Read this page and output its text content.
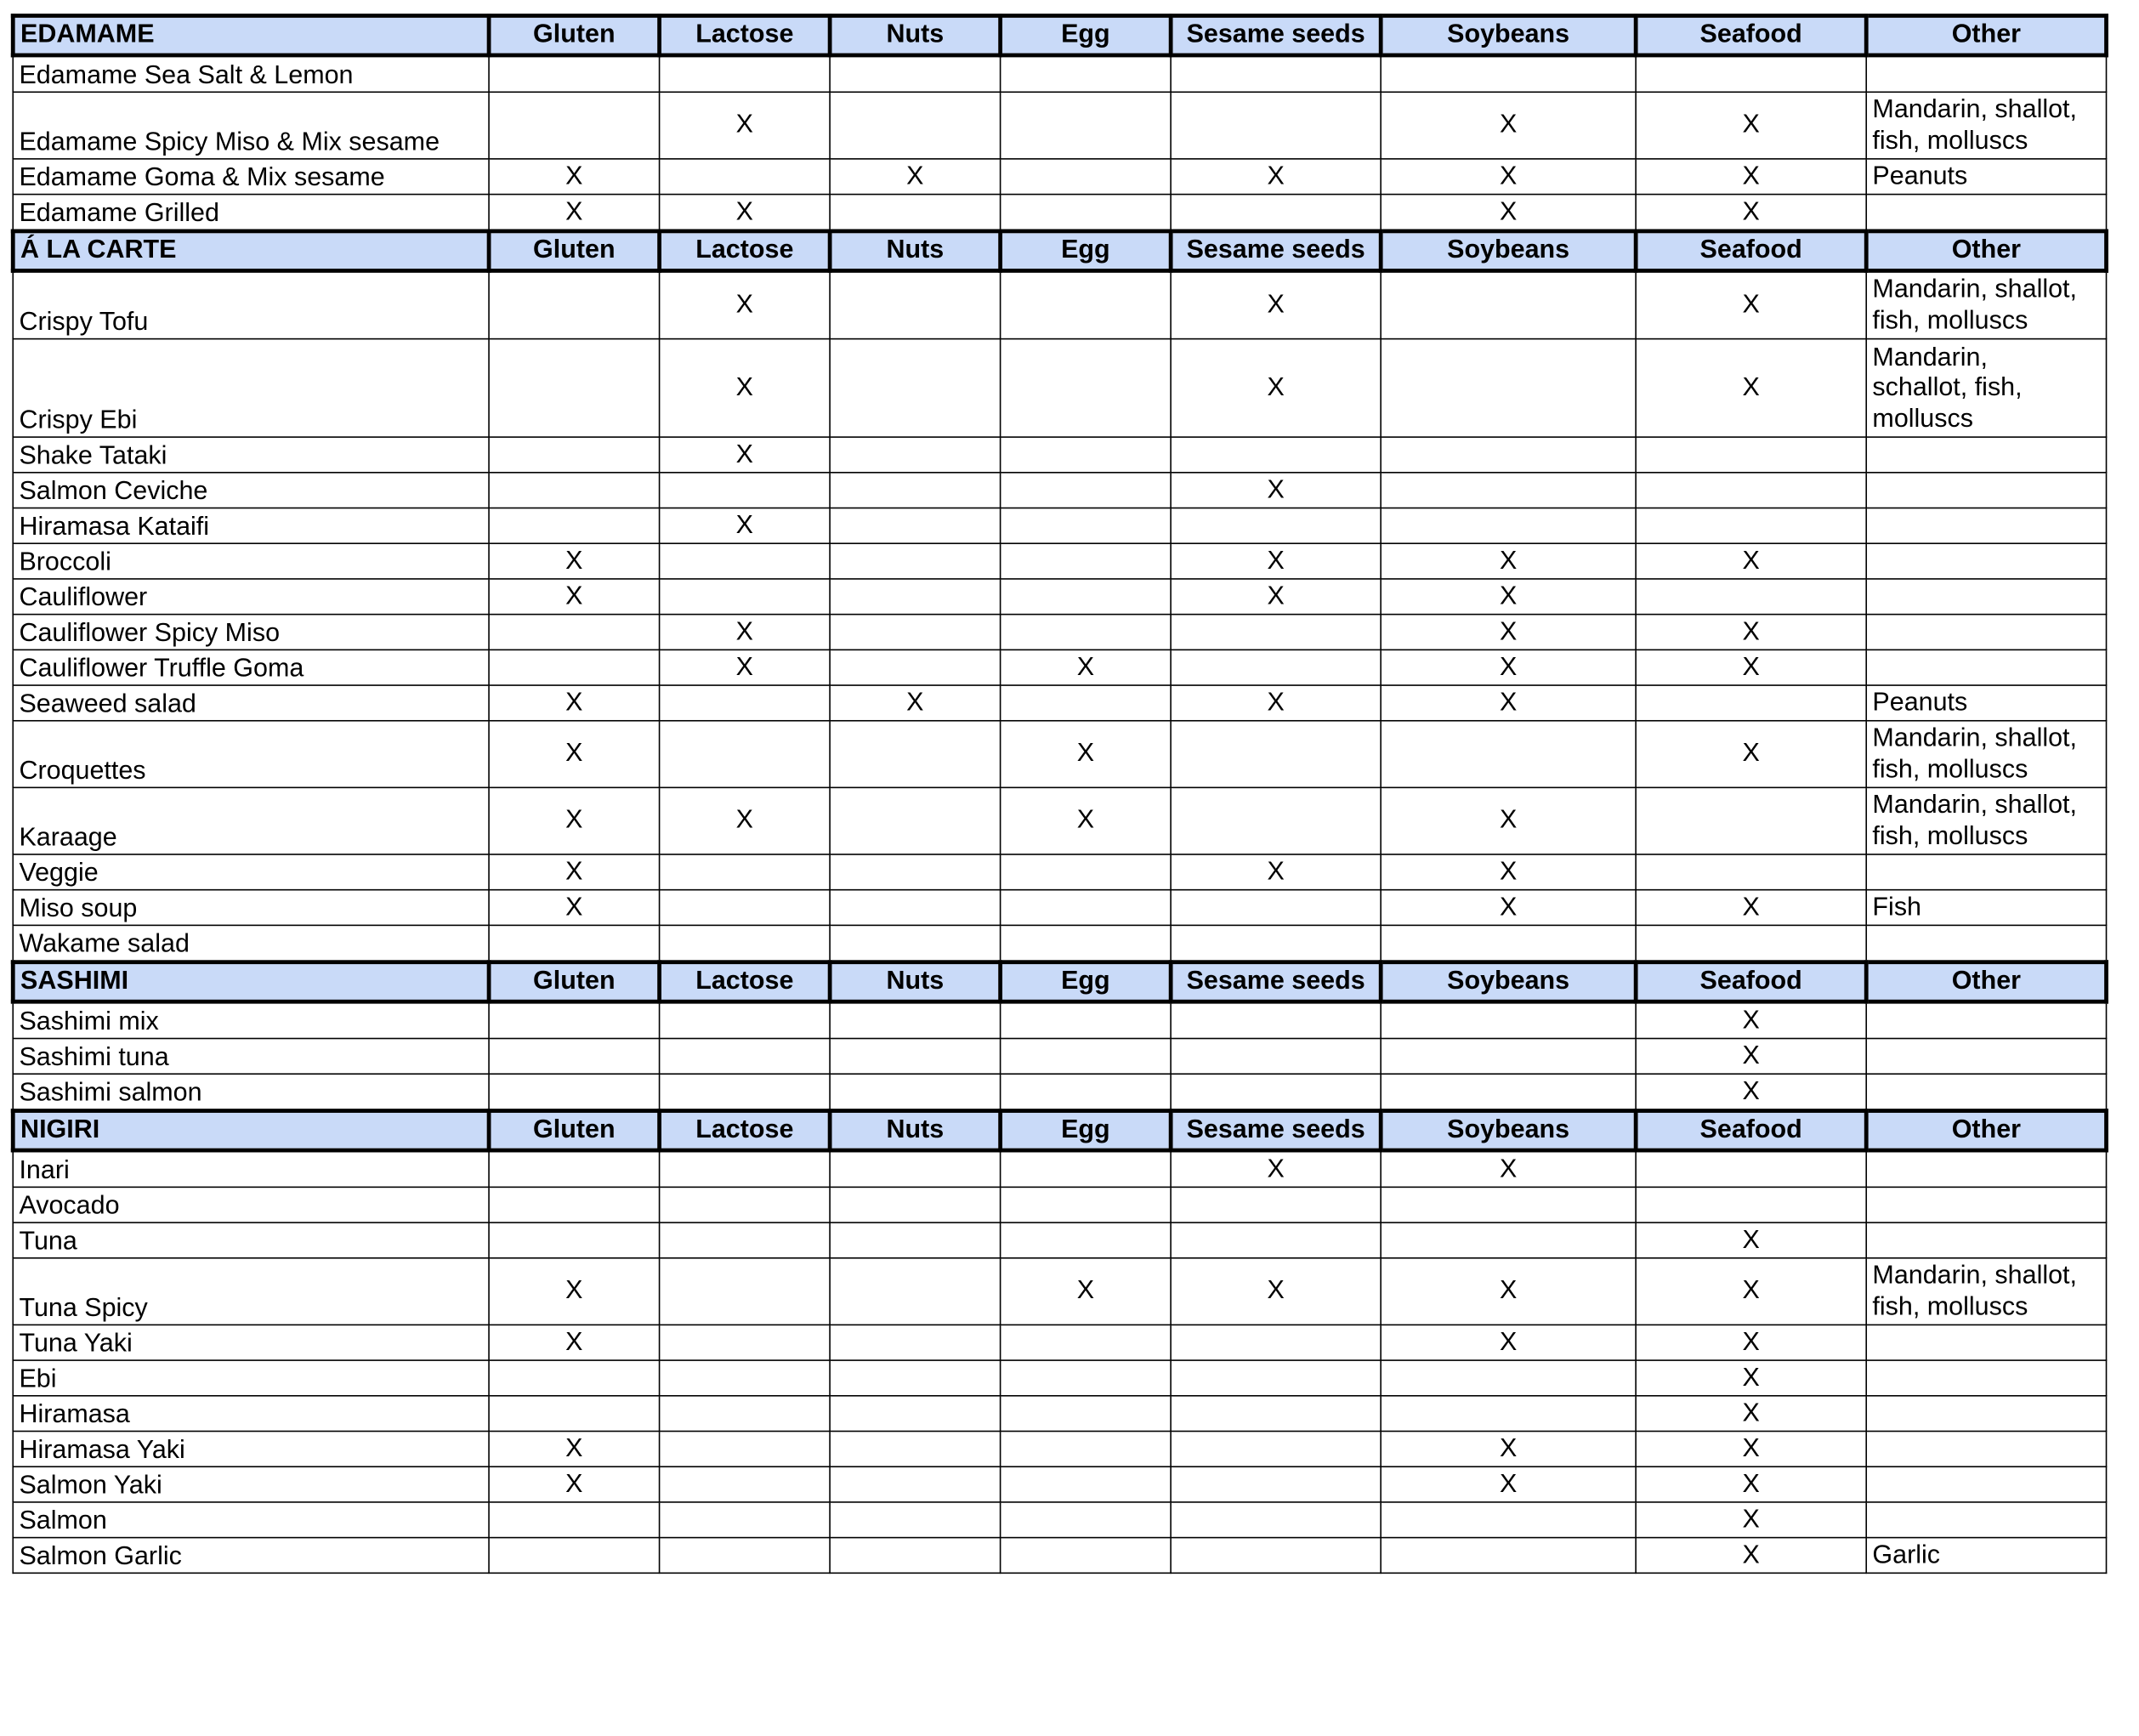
EDAMAME	Gluten	Lactose	Nuts	Egg	Sesame seeds	Soybeans	Seafood	Other
Edamame Sea Salt & Lemon								
Edamame Spicy Miso & Mix sesame		X				X	X	Mandarin, shallot,
fish, molluscs
Edamame Goma & Mix sesame	X		X		X	X	X	Peanuts
Edamame Grilled	X	X				X	X	
Á LA CARTE	Gluten	Lactose	Nuts	Egg	Sesame seeds	Soybeans	Seafood	Other
Crispy Tofu		X			X		X	Mandarin, shallot,
fish, molluscs
Crispy Ebi		X			X		X	Mandarin,
schallot, fish,
molluscs
Shake Tataki		X						
Salmon Ceviche					X			
Hiramasa Kataifi		X						
Broccoli	X				X	X	X	
Cauliflower	X				X	X		
Cauliflower Spicy Miso		X				X	X	
Cauliflower Truffle Goma		X		X		X	X	
Seaweed salad	X		X		X	X		Peanuts
Croquettes	X			X			X	Mandarin, shallot,
fish, molluscs
Karaage	X	X		X		X		Mandarin, shallot,
fish, molluscs
Veggie	X				X	X		
Miso soup	X					X	X	Fish
Wakame salad								
SASHIMI	Gluten	Lactose	Nuts	Egg	Sesame seeds	Soybeans	Seafood	Other
Sashimi mix							X	
Sashimi tuna							X	
Sashimi salmon							X	
NIGIRI	Gluten	Lactose	Nuts	Egg	Sesame seeds	Soybeans	Seafood	Other
Inari					X	X		
Avocado								
Tuna							X	
Tuna Spicy	X			X	X	X	X	Mandarin, shallot,
fish, molluscs
Tuna Yaki	X					X	X	
Ebi							X	
Hiramasa							X	
Hiramasa Yaki	X					X	X	
Salmon Yaki	X					X	X	
Salmon							X	
Salmon Garlic							X	Garlic
